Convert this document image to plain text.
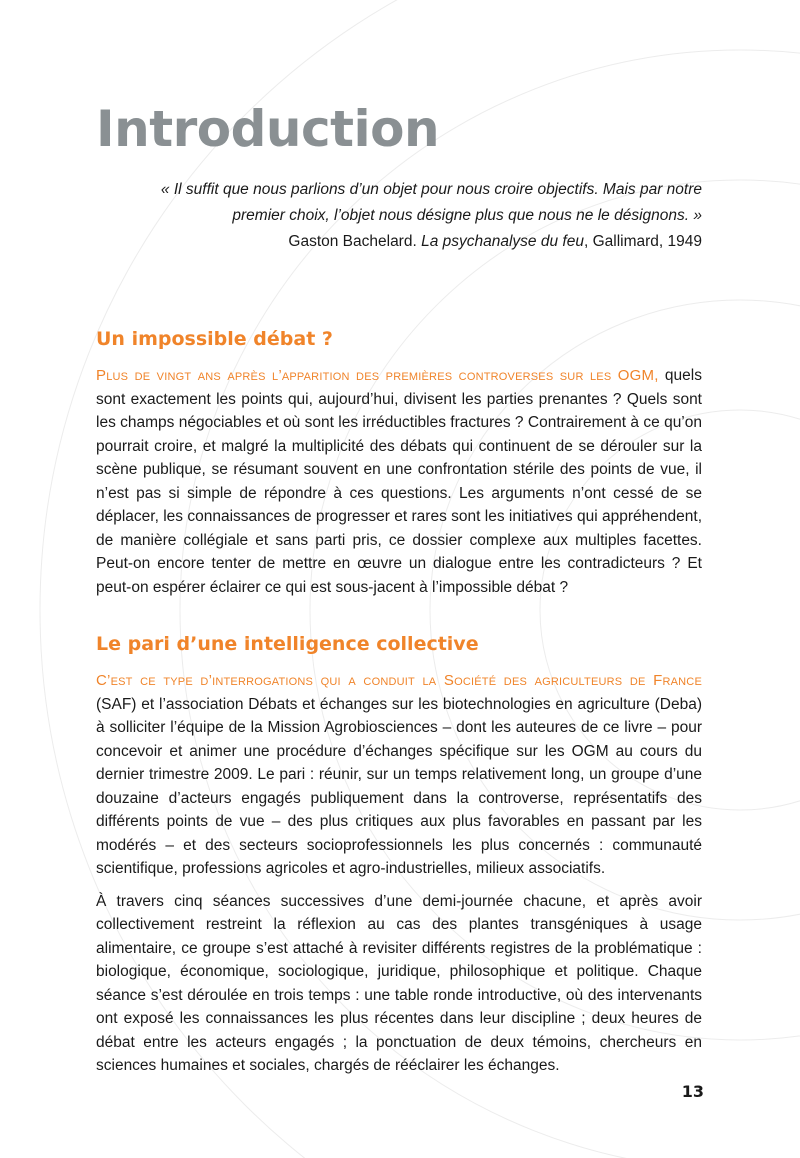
Introduction
« Il suffit que nous parlions d’un objet pour nous croire objectifs. Mais par notre
premier choix, l’objet nous désigne plus que nous ne le désignons. »
Gaston Bachelard. La psychanalyse du feu, Gallimard, 1949
Un impossible débat ?

Plus de vingt ans après l’apparition des premières controverses sur les OGM, quels sont exactement les points qui, aujourd’hui, divisent les parties prenantes ? Quels sont les champs négociables et où sont les irréductibles fractures ? Contrairement à ce qu’on pourrait croire, et malgré la multiplicité des débats qui continuent de se dérouler sur la scène publique, se résumant souvent en une confrontation stérile des points de vue, il n’est pas si simple de répondre à ces questions. Les arguments n’ont cessé de se déplacer, les connaissances de progresser et rares sont les initiatives qui appréhendent, de manière collégiale et sans parti pris, ce dossier complexe aux multiples facettes. Peut-on encore tenter de mettre en œuvre un dialogue entre les contradicteurs ? Et peut-on espérer éclairer ce qui est sous-jacent à l’impossible débat ?

Le pari d’une intelligence collective

C’est ce type d’interrogations qui a conduit la Société des agriculteurs de France (SAF) et l’association Débats et échanges sur les biotechnologies en agriculture (Deba) à solliciter l’équipe de la Mission Agrobiosciences – dont les auteures de ce livre – pour concevoir et animer une procédure d’échanges spécifique sur les OGM au cours du dernier trimestre 2009. Le pari : réunir, sur un temps relativement long, un groupe d’une douzaine d’acteurs engagés publiquement dans la controverse, représentatifs des différents points de vue – des plus critiques aux plus favorables en passant par les modérés – et des secteurs socioprofessionnels les plus concernés : communauté scientifique, professions agricoles et agro-industrielles, milieux associatifs.

À travers cinq séances successives d’une demi-journée chacune, et après avoir collectivement restreint la réflexion au cas des plantes transgéniques à usage alimentaire, ce groupe s’est attaché à revisiter différents registres de la problématique : biologique, économique, sociologique, juridique, philosophique et politique. Chaque séance s’est déroulée en trois temps : une table ronde introductive, où des intervenants ont exposé les connaissances les plus récentes dans leur discipline ; deux heures de débat entre les acteurs engagés ; la ponctuation de deux témoins, chercheurs en sciences humaines et sociales, chargés de rééclairer les échanges.

13
